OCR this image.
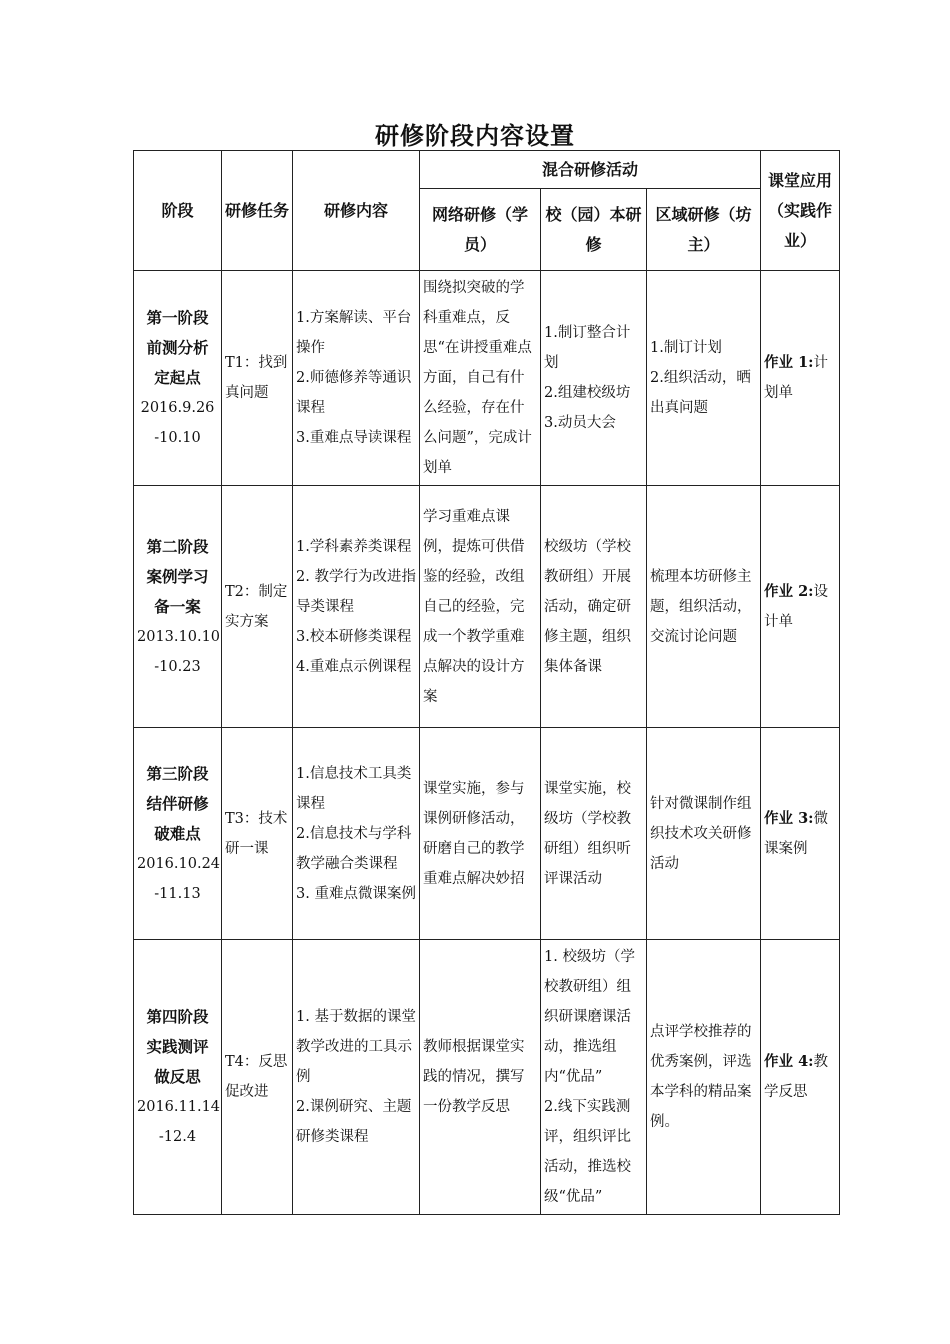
研修阶段内容设置
阶段	研修任务	研修内容	混合研修活动			课堂应用（实践作业）
			网络研修（学员）	校（园）本研修	区域研修（坊主）	

第一阶段
前测分析
定起点
2016.9.26
-10.10	T1：找到真问题	1.方案解读、平台操作
2.师德修养等通识课程
3.重难点导读课程	围绕拟突破的学科重难点，反思“在讲授重难点方面，自己有什么经验，存在什么问题”，完成计划单	1.制订整合计划
2.组建校级坊
3.动员大会	1.制订计划
2.组织活动，晒出真问题	作业 1:计划单

第二阶段
案例学习
备一案
2013.10.10
-10.23	T2：制定实方案	1.学科素养类课程
2. 教学行为改进指导类课程
3.校本研修类课程
4.重难点示例课程	学习重难点课例，提炼可供借鉴的经验，改组自己的经验，完成一个教学重难点解决的设计方案	校级坊（学校教研组）开展活动，确定研修主题，组织集体备课	梳理本坊研修主题，组织活动，交流讨论问题	作业 2:设计单

第三阶段
结伴研修
破难点
2016.10.24
-11.13	T3：技术研一课	1.信息技术工具类课程
2.信息技术与学科教学融合类课程
3. 重难点微课案例	课堂实施，参与课例研修活动，研磨自己的教学重难点解决妙招	课堂实施，校级坊（学校教研组）组织听评课活动	针对微课制作组织技术攻关研修活动	作业 3:微课案例

第四阶段
实践测评
做反思
2016.11.14
-12.4	T4：反思促改进	1. 基于数据的课堂教学改进的工具示例
2.课例研究、主题研修类课程	教师根据课堂实践的情况，撰写一份教学反思	1. 校级坊（学校教研组）组织研课磨课活动，推选组内“优品”
2.线下实践测评，组织评比活动，推选校级“优品”	点评学校推荐的优秀案例，评选本学科的精品案例。	作业 4:教学反思
